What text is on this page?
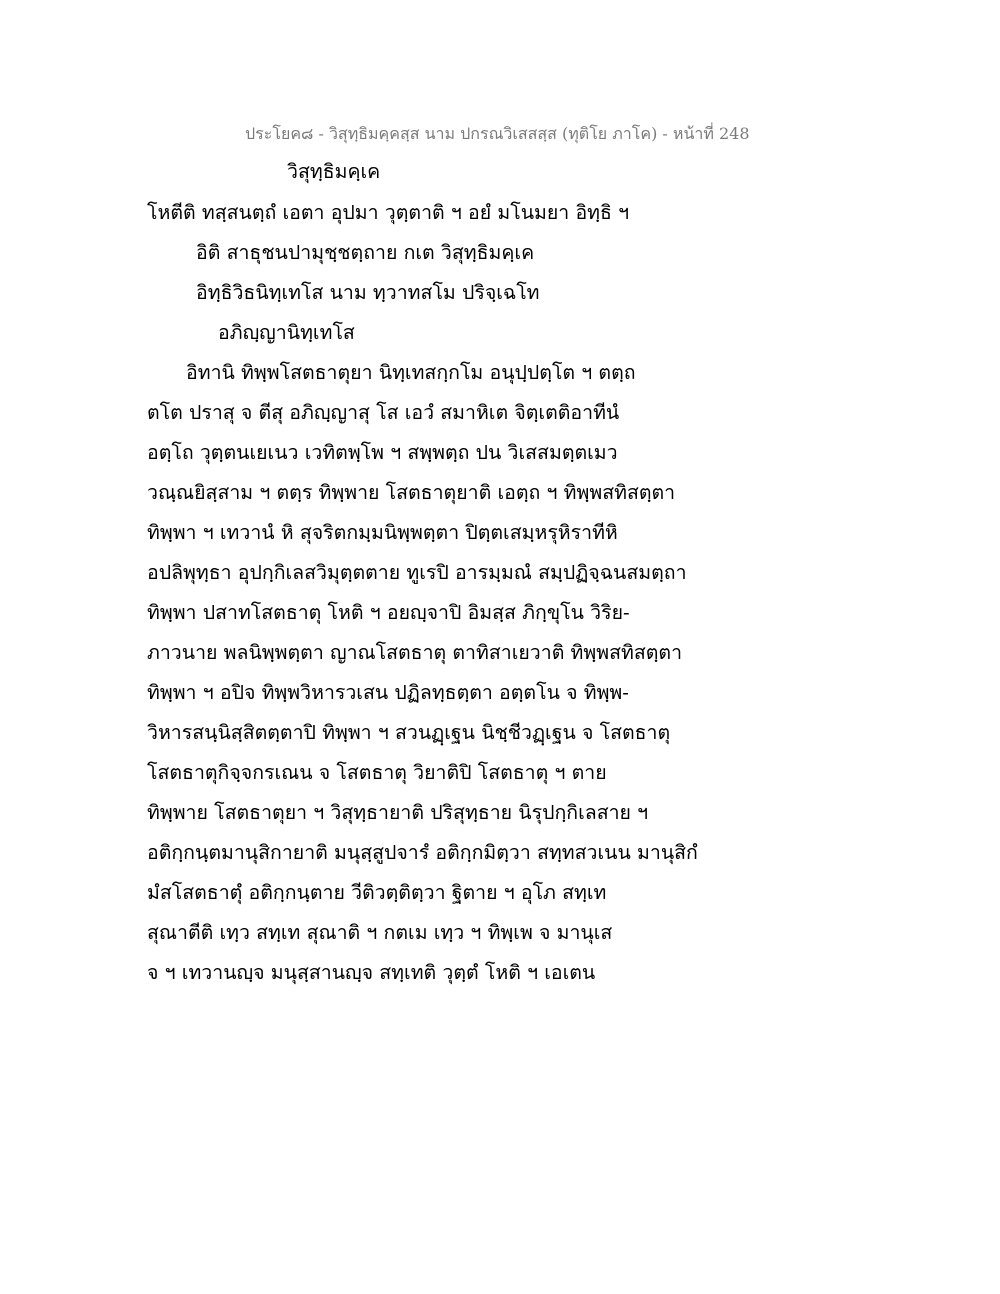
ประโยค๘ - วิสุทฺธิมคฺคสฺส นาม ปกรณวิเสสสฺส (ทุติโย ภาโค) - หน้าที่ 248
วิสุทฺธิมคฺเค
โหตีติ ทสฺสนตฺถํ เอตา อุปมา วุตฺตาติ ฯ อยํ มโนมยา อิทฺธิ ฯ
อิติ สาธุชนปามุชฺชตฺถาย กเต วิสุทฺธิมคฺเค
อิทฺธิวิธนิทฺเทโส นาม ทฺวาทสโม ปริจฺเฉโท
อภิญฺญานิทฺเทโส
อิทานิ ทิพฺพโสตธาตุยา นิทฺเทสกฺกโม อนุปฺปตฺโต ฯ ตตฺถ
ตโต ปราสุ จ ตีสุ อภิญฺญาสุ โส เอวํ สมาหิเต จิตฺเตติอาทีนํ
อตฺโถ วุตฺตนเยเนว เวทิตพฺโพ ฯ สพฺพตฺถ ปน วิเสสมตฺตเมว
วณฺณยิสฺสาม ฯ ตตฺร ทิพฺพาย โสตธาตุยาติ เอตฺถ ฯ ทิพฺพสทิสตฺตา
ทิพฺพา ฯ เทวานํ หิ สุจริตกมฺมนิพฺพตฺตา ปิตฺตเสมฺหรุหิราทีหิ
อปลิพุทฺธา อุปกฺกิเลสวิมุตฺตตาย ทูเรปิ อารมฺมณํ สมฺปฏิจฺฉนสมตฺถา
ทิพฺพา ปสาทโสตธาตุ โหติ ฯ อยญฺจาปิ อิมสฺส ภิกฺขุโน วิริย-
ภาวนาย พลนิพฺพตฺตา ญาณโสตธาตุ ตาทิสาเยวาติ ทิพฺพสทิสตฺตา
ทิพฺพา ฯ อปิจ ทิพฺพวิหารวเสน ปฏิลทฺธตฺตา อตฺตโน จ ทิพฺพ-
วิหารสนฺนิสฺสิตตฺตาปิ ทิพฺพา ฯ สวนฏฺเฐน นิชฺชีวฏฺเฐน จ โสตธาตุ
โสตธาตุกิจฺจกรเณน จ โสตธาตุ วิยาติปิ โสตธาตุ ฯ ตาย
ทิพฺพาย โสตธาตุยา ฯ วิสุทฺธายาติ ปริสุทฺธาย นิรุปกฺกิเลสาย ฯ
อติกฺกนฺตมานุสิกายาติ มนุสฺสูปจารํ อติกฺกมิตฺวา สทฺทสวเนน มานุสิกํ
มํสโสตธาตุํ อติกฺกนฺตาย วีติวตฺติตฺวา ฐิตาย ฯ อุโภ สทฺเท
สุณาตีติ เทฺว สทฺเท สุณาติ ฯ กตเม เทฺว ฯ ทิพฺเพ จ มานุเส
จ ฯ เทวานญฺจ มนุสฺสานญฺจ สทฺเทติ วุตฺตํ โหติ ฯ เอเตน
